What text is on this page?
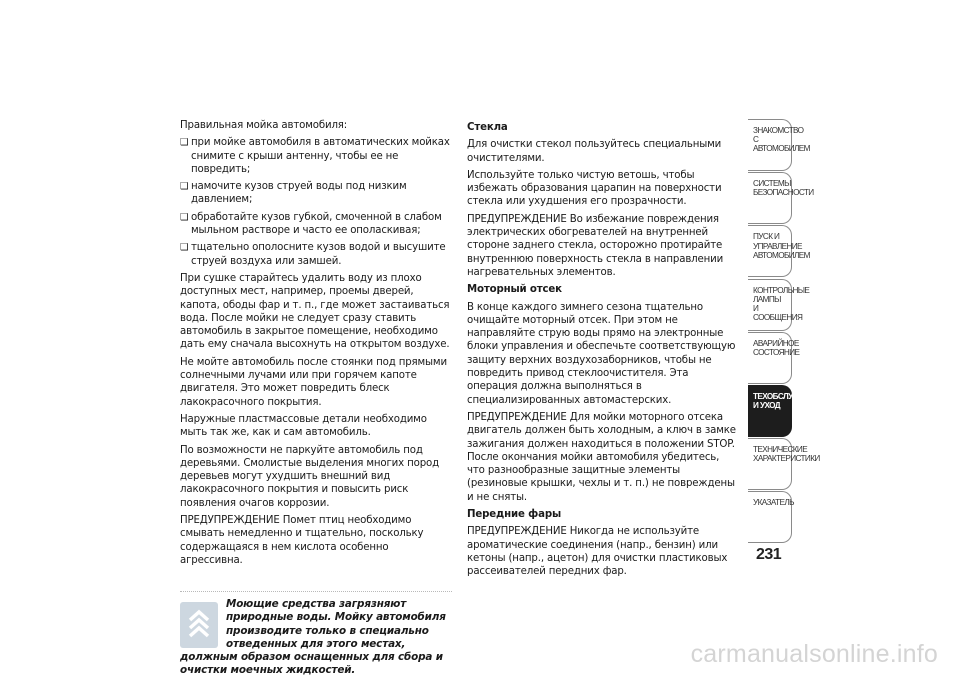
Правильная мойка автомобиля:

❑ при мойке автомобиля в автоматических мойках снимите с крыши антенну, чтобы ее не повредить;
❑ намочите кузов струей воды под низким давлением;
❑ обработайте кузов губкой, смоченной в слабом мыльном растворе и часто ее ополаскивая;
❑ тщательно ополосните кузов водой и высушите струей воздуха или замшей.

При сушке старайтесь удалить воду из плохо доступных мест, например, проемы дверей, капота, ободы фар и т. п., где может застаиваться вода. После мойки не следует сразу ставить автомобиль в закрытое помещение, необходимо дать ему сначала высохнуть на открытом воздухе.

Не мойте автомобиль после стоянки под прямыми солнечными лучами или при горячем капоте двигателя. Это может повредить блеск лакокрасочного покрытия.

Наружные пластмассовые детали необходимо мыть так же, как и сам автомобиль.

По возможности не паркуйте автомобиль под деревьями. Смолистые выделения многих пород деревьев могут ухудшить внешний вид лакокрасочного покрытия и повысить риск появления очагов коррозии.

ПРЕДУПРЕЖДЕНИЕ Помет птиц необходимо смывать немедленно и тщательно, поскольку содержащаяся в нем кислота особенно агрессивна.

Моющие средства загрязняют природные воды. Мойку автомобиля производите только в специально отведенных для этого местах, должным образом оснащенных для сбора и очистки моечных жидкостей.

Стекла

Для очистки стекол пользуйтесь специальными очистителями.

Используйте только чистую ветошь, чтобы избежать образования царапин на поверхности стекла или ухудшения его прозрачности.

ПРЕДУПРЕЖДЕНИЕ Во избежание повреждения электрических обогревателей на внутренней стороне заднего стекла, осторожно протирайте внутреннюю поверхность стекла в направлении нагревательных элементов.

Моторный отсек

В конце каждого зимнего сезона тщательно очищайте моторный отсек. При этом не направляйте струю воды прямо на электронные блоки управления и обеспечьте соответствующую защиту верхних воздухозаборников, чтобы не повредить привод стеклоочистителя. Эта операция должна выполняться в специализированных автомастерских.

ПРЕДУПРЕЖДЕНИЕ Для мойки моторного отсека двигатель должен быть холодным, а ключ в замке зажигания должен находиться в положении STOP. После окончания мойки автомобиля убедитесь, что разнообразные защитные элементы (резиновые крышки, чехлы и т. п.) не повреждены и не сняты.

Передние фары

ПРЕДУПРЕЖДЕНИЕ Никогда не используйте ароматические соединения (напр., бензин) или кетоны (напр., ацетон) для очистки пластиковых рассеивателей передних фар.

ЗНАКОМСТВО С
АВТОМОБИЛЕМ
СИСТЕМЫ
БЕЗОПАСНОСТИ
ПУСК И УПРАВЛЕНИЕ
АВТОМОБИЛЕМ
КОНТРОЛЬНЫЕ
ЛАМПЫ
И СООБЩЕНИЯ
АВАРИЙНОЕ
СОСТОЯНИЕ
ТЕХОБСЛУЖИВАНИЕ
И УХОД
ТЕХНИЧЕСКИЕ
ХАРАКТЕРИСТИКИ
УКАЗАТЕЛЬ
231
carmanualsonline.info
